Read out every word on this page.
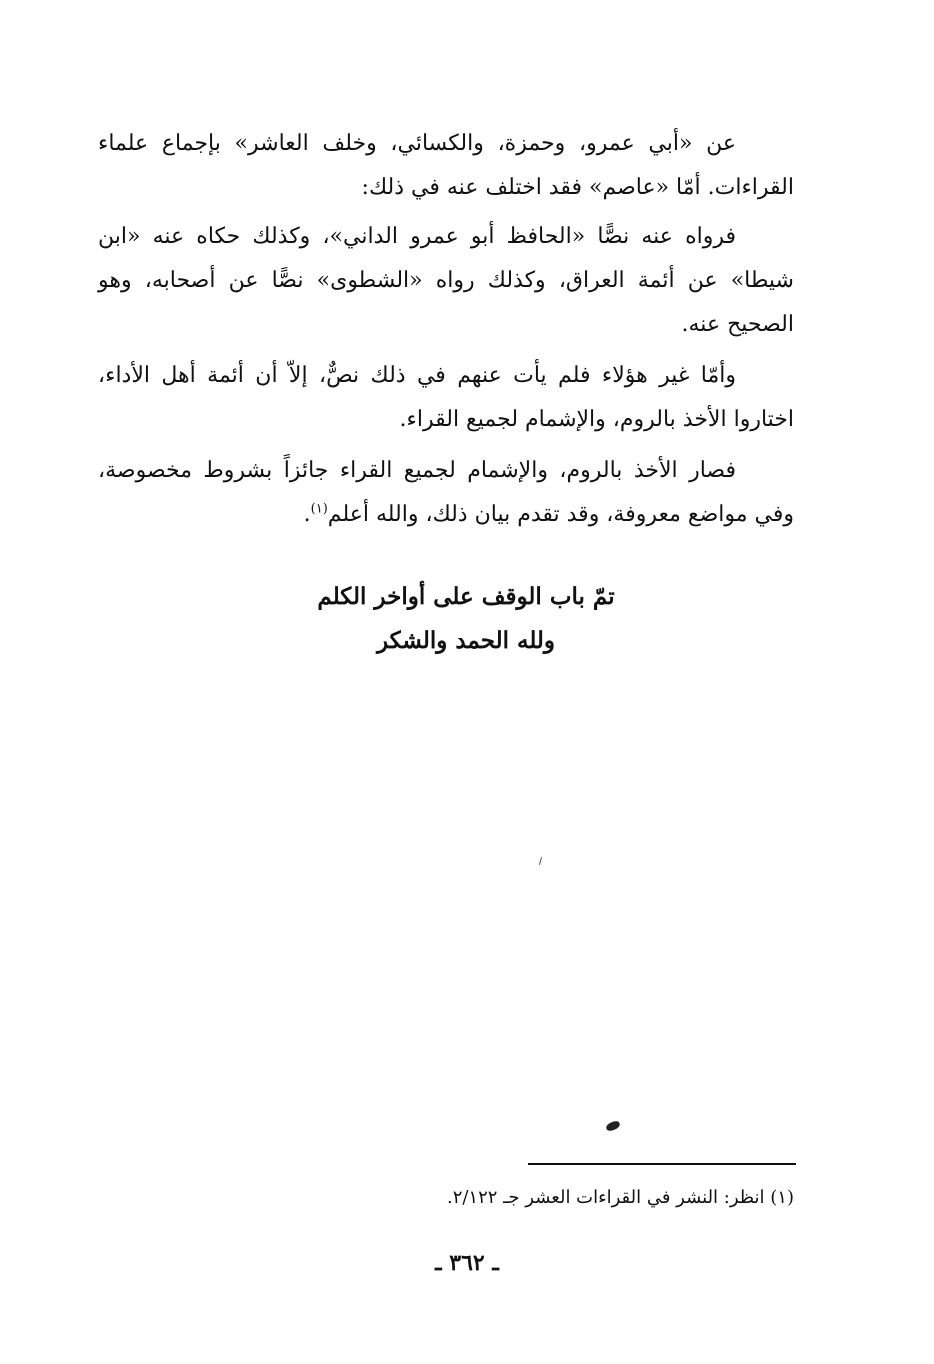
عن «أبي عمرو، وحمزة، والكسائي، وخلف العاشر» بإجماع علماء القراءات. أمّا «عاصم» فقد اختلف عنه في ذلك:

فرواه عنه نصًّا «الحافظ أبو عمرو الداني»، وكذلك حكاه عنه «ابن شيطا» عن أئمة العراق، وكذلك رواه «الشطوى» نصًّا عن أصحابه، وهو الصحيح عنه.

وأمّا غير هؤلاء فلم يأت عنهم في ذلك نصٌّ، إلاّ أن أئمة أهل الأداء، اختاروا الأخذ بالروم، والإشمام لجميع القراء.

فصار الأخذ بالروم، والإشمام لجميع القراء جائزاً بشروط مخصوصة، وفي مواضع معروفة، وقد تقدم بيان ذلك، والله أعلم$^{(١)}$.

تمّ باب الوقف على أواخر الكلم
ولله الحمد والشكر
(١) انظر: النشر في القراءات العشر جـ ٢/١٢٢.
ـ ٣٦٢ ـ
